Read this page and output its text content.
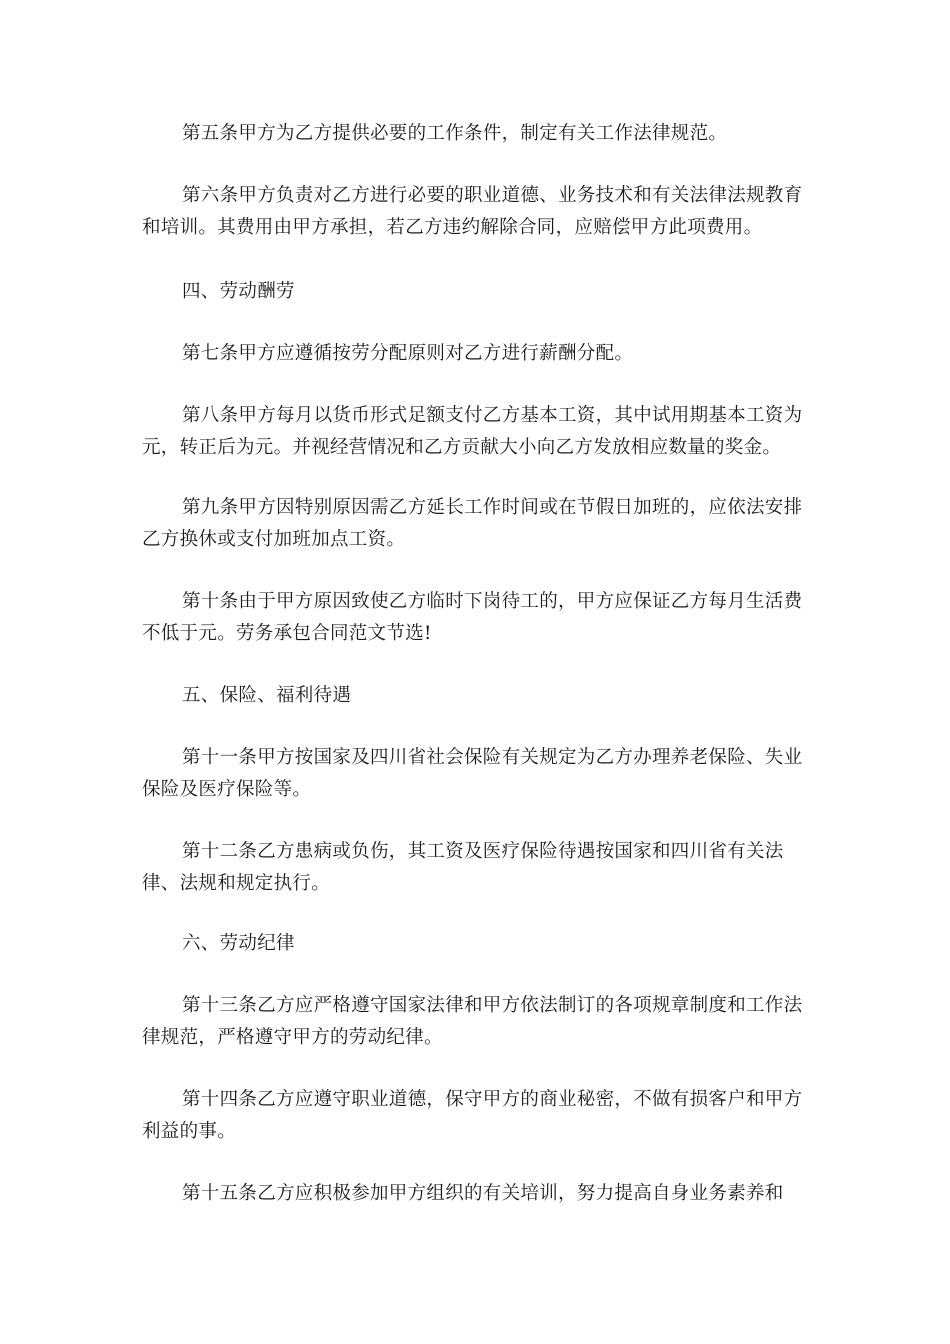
第五条甲方为乙方提供必要的工作条件，制定有关工作法律规范。

第六条甲方负责对乙方进行必要的职业道德、业务技术和有关法律法规教育和培训。其费用由甲方承担，若乙方违约解除合同，应赔偿甲方此项费用。

四、劳动酬劳

第七条甲方应遵循按劳分配原则对乙方进行薪酬分配。

第八条甲方每月以货币形式足额支付乙方基本工资，其中试用期基本工资为元，转正后为元。并视经营情况和乙方贡献大小向乙方发放相应数量的奖金。

第九条甲方因特别原因需乙方延长工作时间或在节假日加班的，应依法安排乙方换休或支付加班加点工资。

第十条由于甲方原因致使乙方临时下岗待工的，甲方应保证乙方每月生活费不低于元。劳务承包合同范文节选!

五、保险、福利待遇

第十一条甲方按国家及四川省社会保险有关规定为乙方办理养老保险、失业保险及医疗保险等。

第十二条乙方患病或负伤，其工资及医疗保险待遇按国家和四川省有关法律、法规和规定执行。

六、劳动纪律

第十三条乙方应严格遵守国家法律和甲方依法制订的各项规章制度和工作法律规范，严格遵守甲方的劳动纪律。

第十四条乙方应遵守职业道德，保守甲方的商业秘密，不做有损客户和甲方利益的事。

第十五条乙方应积极参加甲方组织的有关培训，努力提高自身业务素养和
